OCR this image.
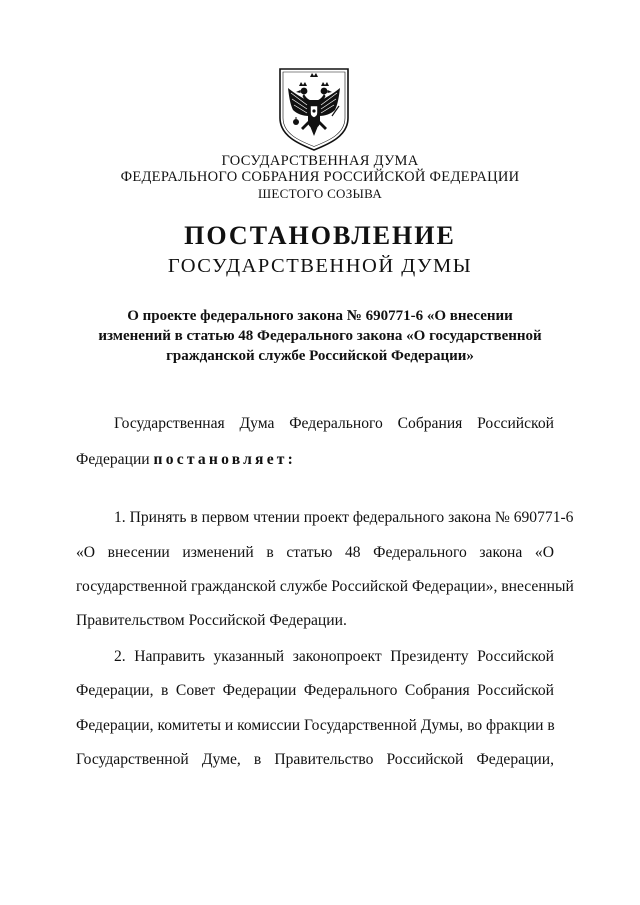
ГОСУДАРСТВЕННАЯ ДУМА
ФЕДЕРАЛЬНОГО СОБРАНИЯ РОССИЙСКОЙ ФЕДЕРАЦИИ
ШЕСТОГО СОЗЫВА
ПОСТАНОВЛЕНИЕ
ГОСУДАРСТВЕННОЙ ДУМЫ
О проекте федерального закона № 690771-6 «О внесении
изменений в статью 48 Федерального закона «О государственной
гражданской службе Российской Федерации»
Государственная Дума Федерального Собрания Российской
Федерации постановляет:
1. Принять в первом чтении проект федерального закона № 690771-6
«О внесении изменений в статью 48 Федерального закона «О
государственной гражданской службе Российской Федерации», внесенный
Правительством Российской Федерации.
2. Направить указанный законопроект Президенту Российской
Федерации, в Совет Федерации Федерального Собрания Российской
Федерации, комитеты и комиссии Государственной Думы, во фракции в
Государственной Думе, в Правительство Российской Федерации,
